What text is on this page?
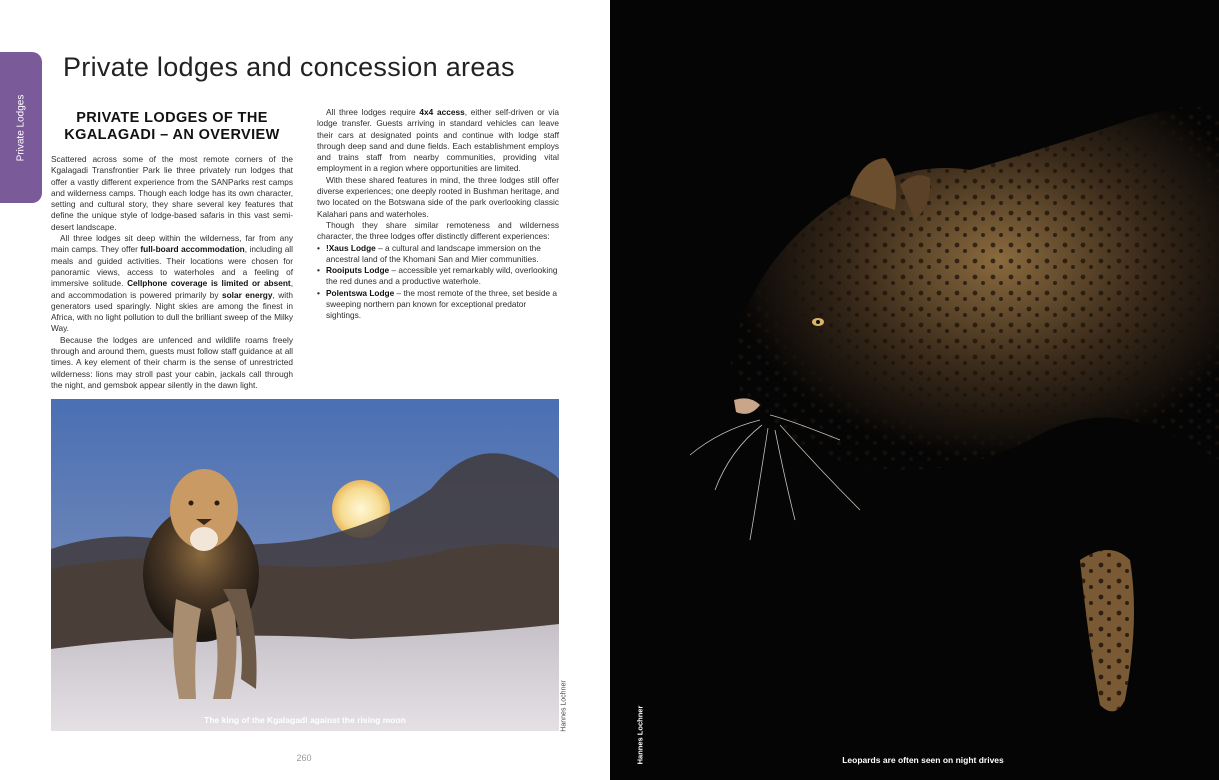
Private Lodges
Private lodges and concession areas
PRIVATE LODGES OF THE
KGALAGADI – AN OVERVIEW

Scattered across some of the most remote corners of the Kgalagadi Transfrontier Park lie three privately run lodges that offer a vastly different experience from the SANParks rest camps and wilderness camps. Though each lodge has its own character, setting and cultural story, they share several key features that define the unique style of lodge-based safaris in this vast semi-desert landscape.

All three lodges sit deep within the wilderness, far from any main camps. They offer full-board accommodation, including all meals and guided activities. Their locations were chosen for panoramic views, access to waterholes and a feeling of immersive solitude. Cellphone coverage is limited or absent, and accommodation is powered primarily by solar energy, with generators used sparingly. Night skies are among the finest in Africa, with no light pollution to dull the brilliant sweep of the Milky Way.

Because the lodges are unfenced and wildlife roams freely through and around them, guests must follow staff guidance at all times. A key element of their charm is the sense of unrestricted wilderness: lions may stroll past your cabin, jackals call through the night, and gemsbok appear silently in the dawn light.

All three lodges require 4x4 access, either self-driven or via lodge transfer. Guests arriving in standard vehicles can leave their cars at designated points and continue with lodge staff through deep sand and dune fields. Each establishment employs and trains staff from nearby communities, providing vital employment in a region where opportunities are limited.

With these shared features in mind, the three lodges still offer diverse experiences; one deeply rooted in Bushman heritage, and two located on the Botswana side of the park overlooking classic Kalahari pans and waterholes.

Though they share similar remoteness and wilderness character, the three lodges offer distinctly different experiences:

• !Xaus Lodge – a cultural and landscape immersion on the ancestral land of the Khomani San and Mier communities.
• Rooiputs Lodge – accessible yet remarkably wild, overlooking the red dunes and a productive waterhole.
• Polentswa Lodge – the most remote of the three, set beside a sweeping northern pan known for exceptional predator sightings.
Hannes Lochner
The king of the Kgalagadi against the rising moon
260	Hannes Lochner	Leopards are often seen on night drives
